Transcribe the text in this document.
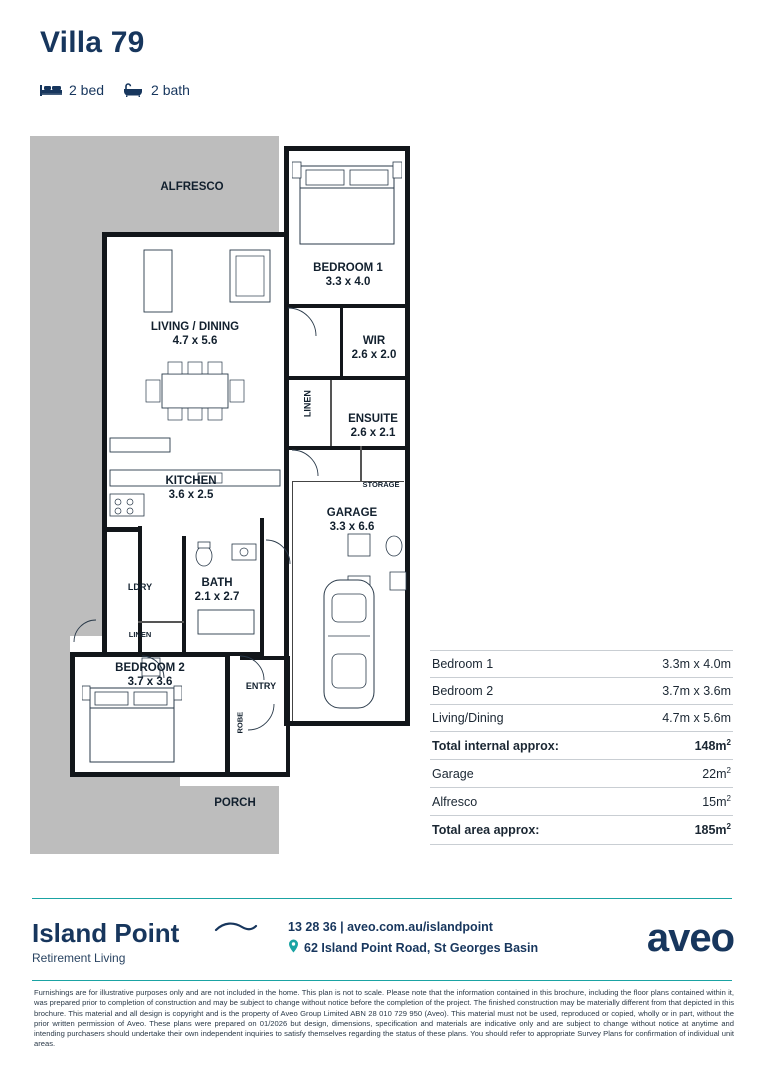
Villa 79
2 bed	2 bath
ALFRESCO
BEDROOM 1
3.3 x 4.0
LIVING / DINING
4.7 x 5.6	WIR
2.6 x 2.0
ENSUITE
2.6 x 2.1
LINEN
STORAGE
KITCHEN
3.6 x 2.5
GARAGE
3.3 x 6.6
LDRY	BATH
2.1 x 2.7
LINEN
BEDROOM 2
3.7 x 3.6
ROBE
ENTRY
PORCH
Bedroom 1	3.3m x 4.0m
Bedroom 2	3.7m x 3.6m
Living/Dining	4.7m x 5.6m
Total internal approx:	$148m^2$
Garage	$22m^2$
Alfresco	$15m^2$
Total area approx:	$185m^2$
Island Point
Retirement Living
13 28 36 | aveo.com.au/islandpoint
62 Island Point Road, St Georges Basin	aveo
Furnishings are for illustrative purposes only and are not included in the home. This plan is not to scale. Please note that the information contained in this brochure, including the floor plans contained within it, was prepared prior to completion of construction and may be subject to change without notice before the completion of the project. The finished construction may be materially different from that depicted in this brochure. This material and all design is copyright and is the property of Aveo Group Limited ABN 28 010 729 950 (Aveo). This material must not be used, reproduced or copied, wholly or in part, without the prior written permission of Aveo. These plans were prepared on 01/2026 but design, dimensions, specification and materials are indicative only and are subject to change without notice at anytime and intending purchasers should undertake their own independent inquiries to satisfy themselves regarding the status of these plans. You should refer to appropriate Survey Plans for confirmation of individual unit areas.
